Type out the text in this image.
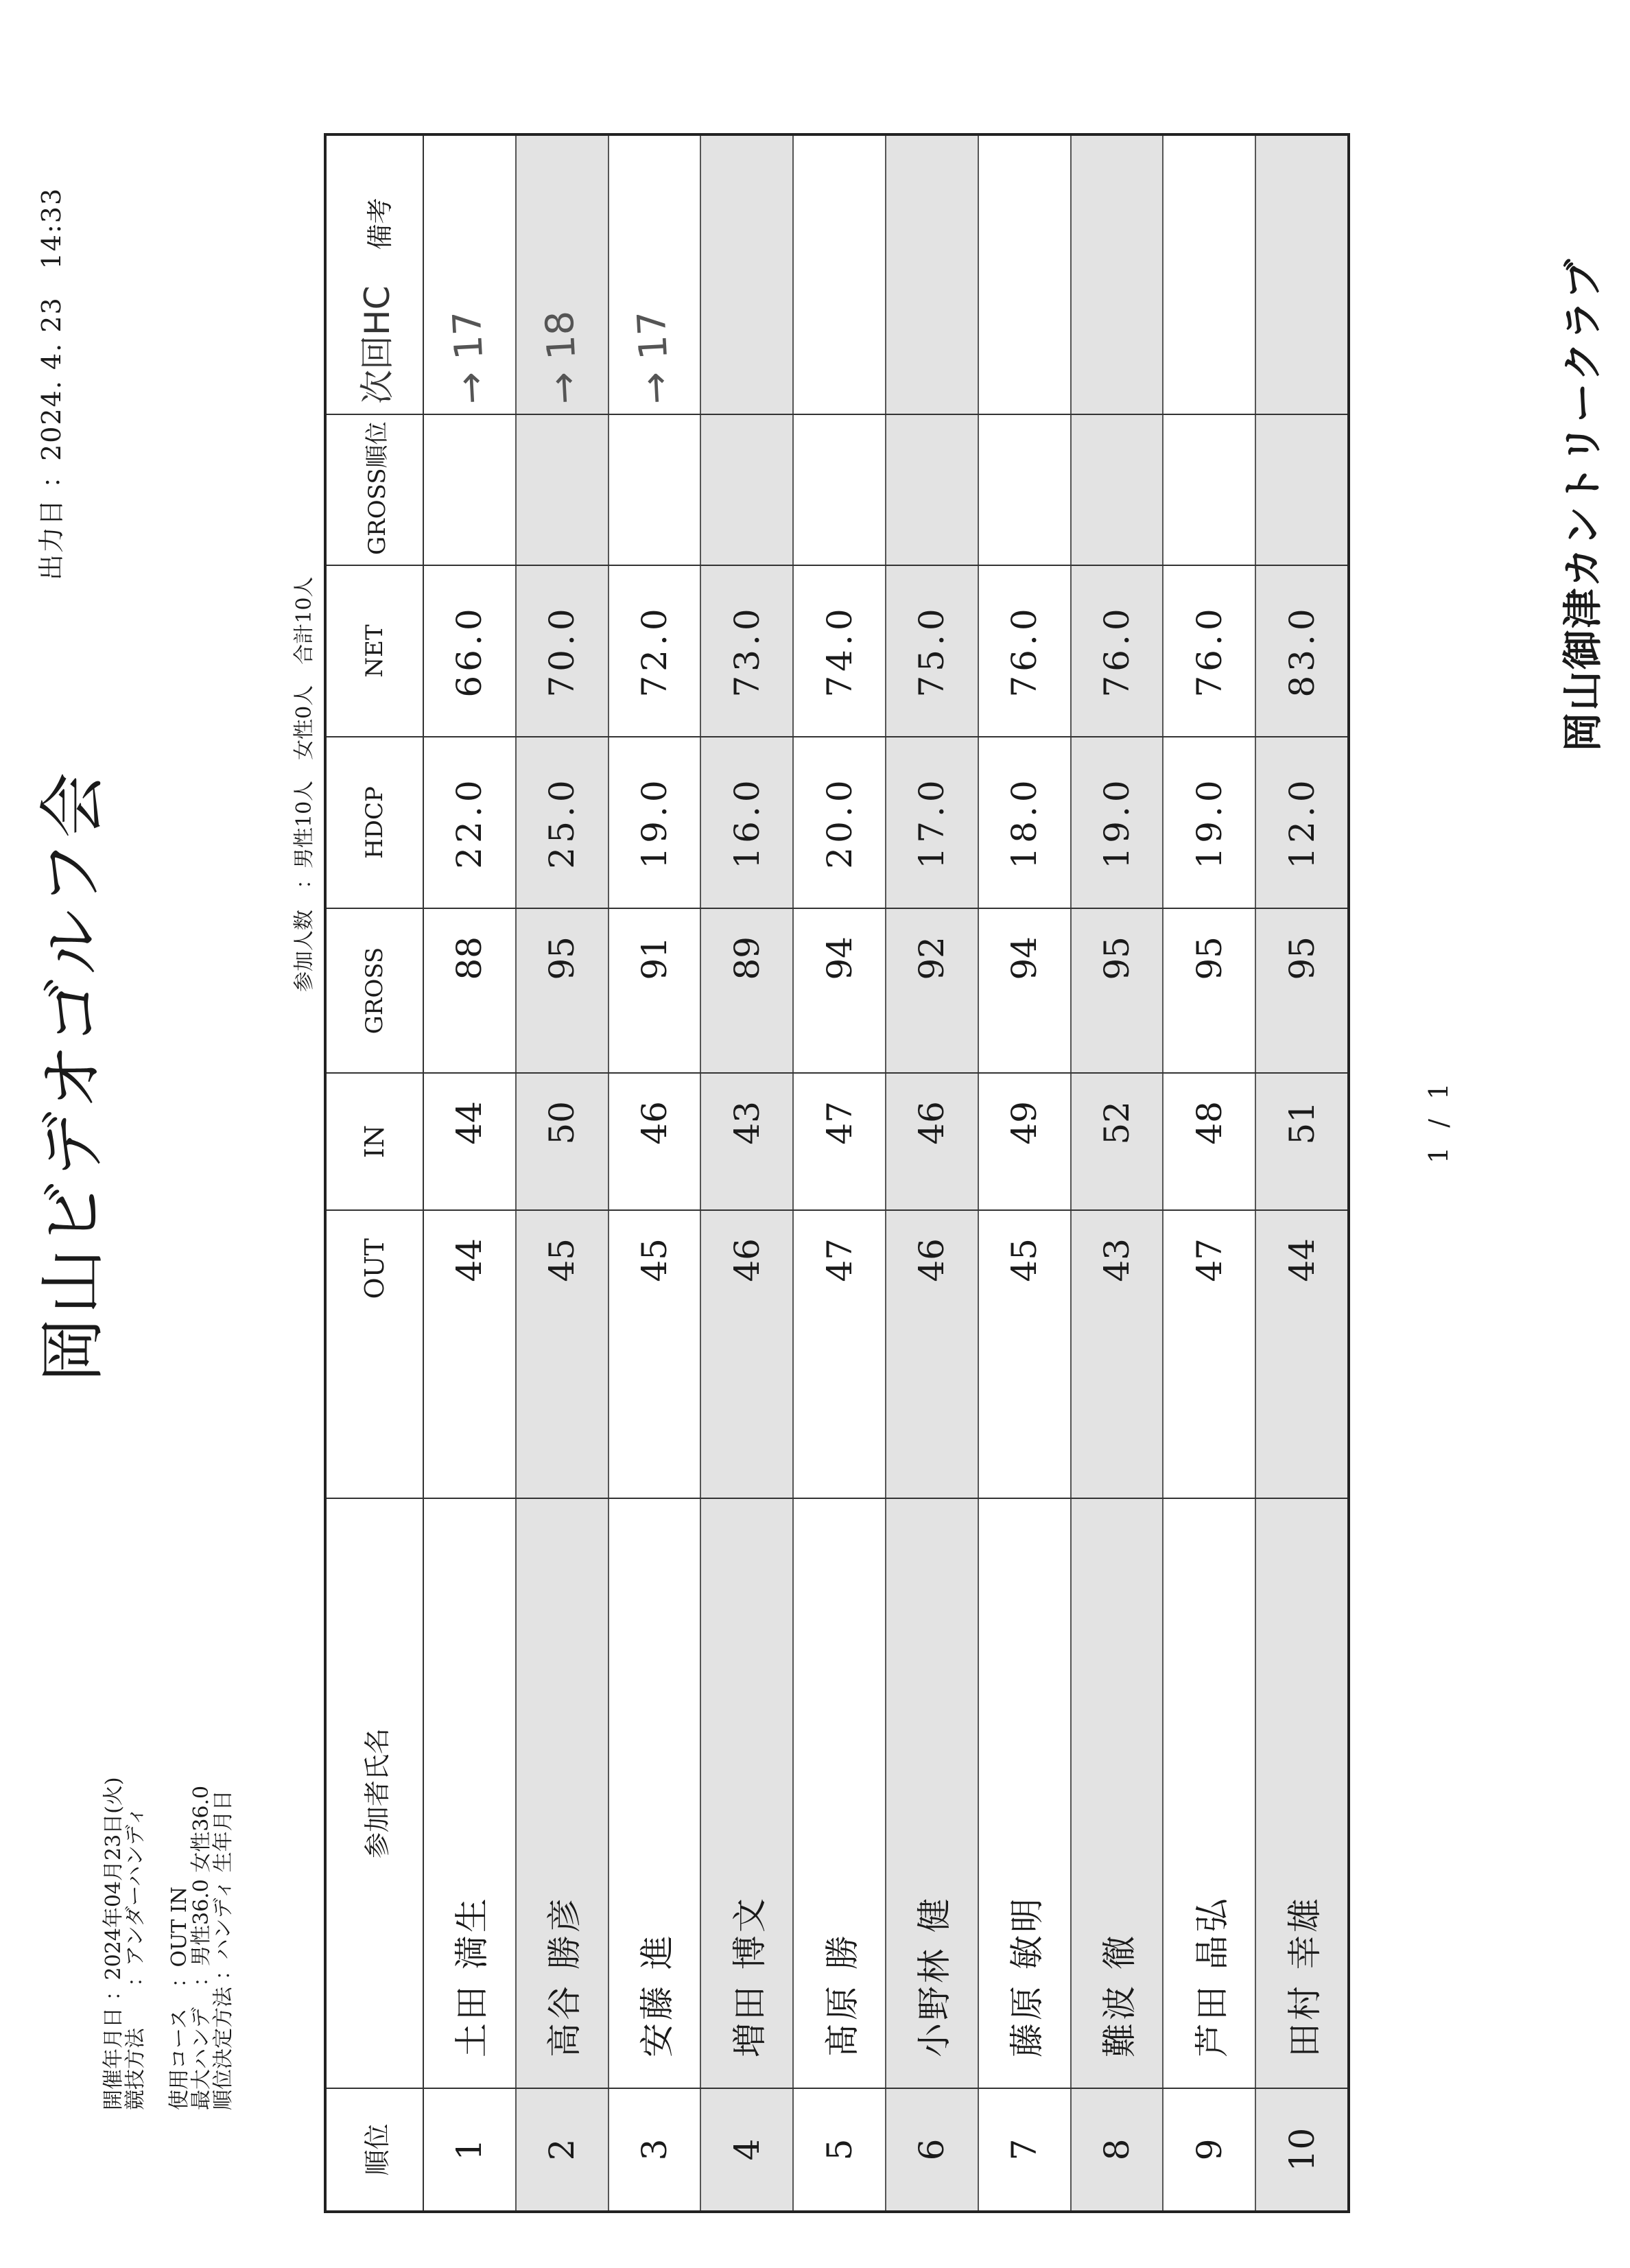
出力日 ：2024. 4. 23　14:33
岡山ビデオゴルフ会
開催年月日 ：2024年04月23日(火)
競技方法　　：アンダーハンディ 使用コース　：OUT IN
最大ハンデ　：男性36.0 女性36.0
順位決定方法 ：ハンディ 生年月日
参加人数　：男性10人　女性0人　合計10人
順位	参加者氏名	OUT	IN	GROSS	HDCP	NET	GROSS順位	次回HC 備考
1	土田 満生	44	44	88	22.0	66.0		→ 17
2	高谷 勝彦	45	50	95	25.0	70.0		→ 18
3	安藤 進	45	46	91	19.0	72.0		→ 17
4	増田 博文	46	43	89	16.0	73.0		
5	髙原 勝	47	47	94	20.0	74.0		
6	小野林 健	46	46	92	17.0	75.0		
7	藤原 敏明	45	49	94	18.0	76.0		
8	難波 徹	43	52	95	19.0	76.0		
9	芦田 晶弘	47	48	95	19.0	76.0		
10	田村 幸雄	44	51	95	12.0	83.0		
1 / 1
岡山御津カントリークラブ
